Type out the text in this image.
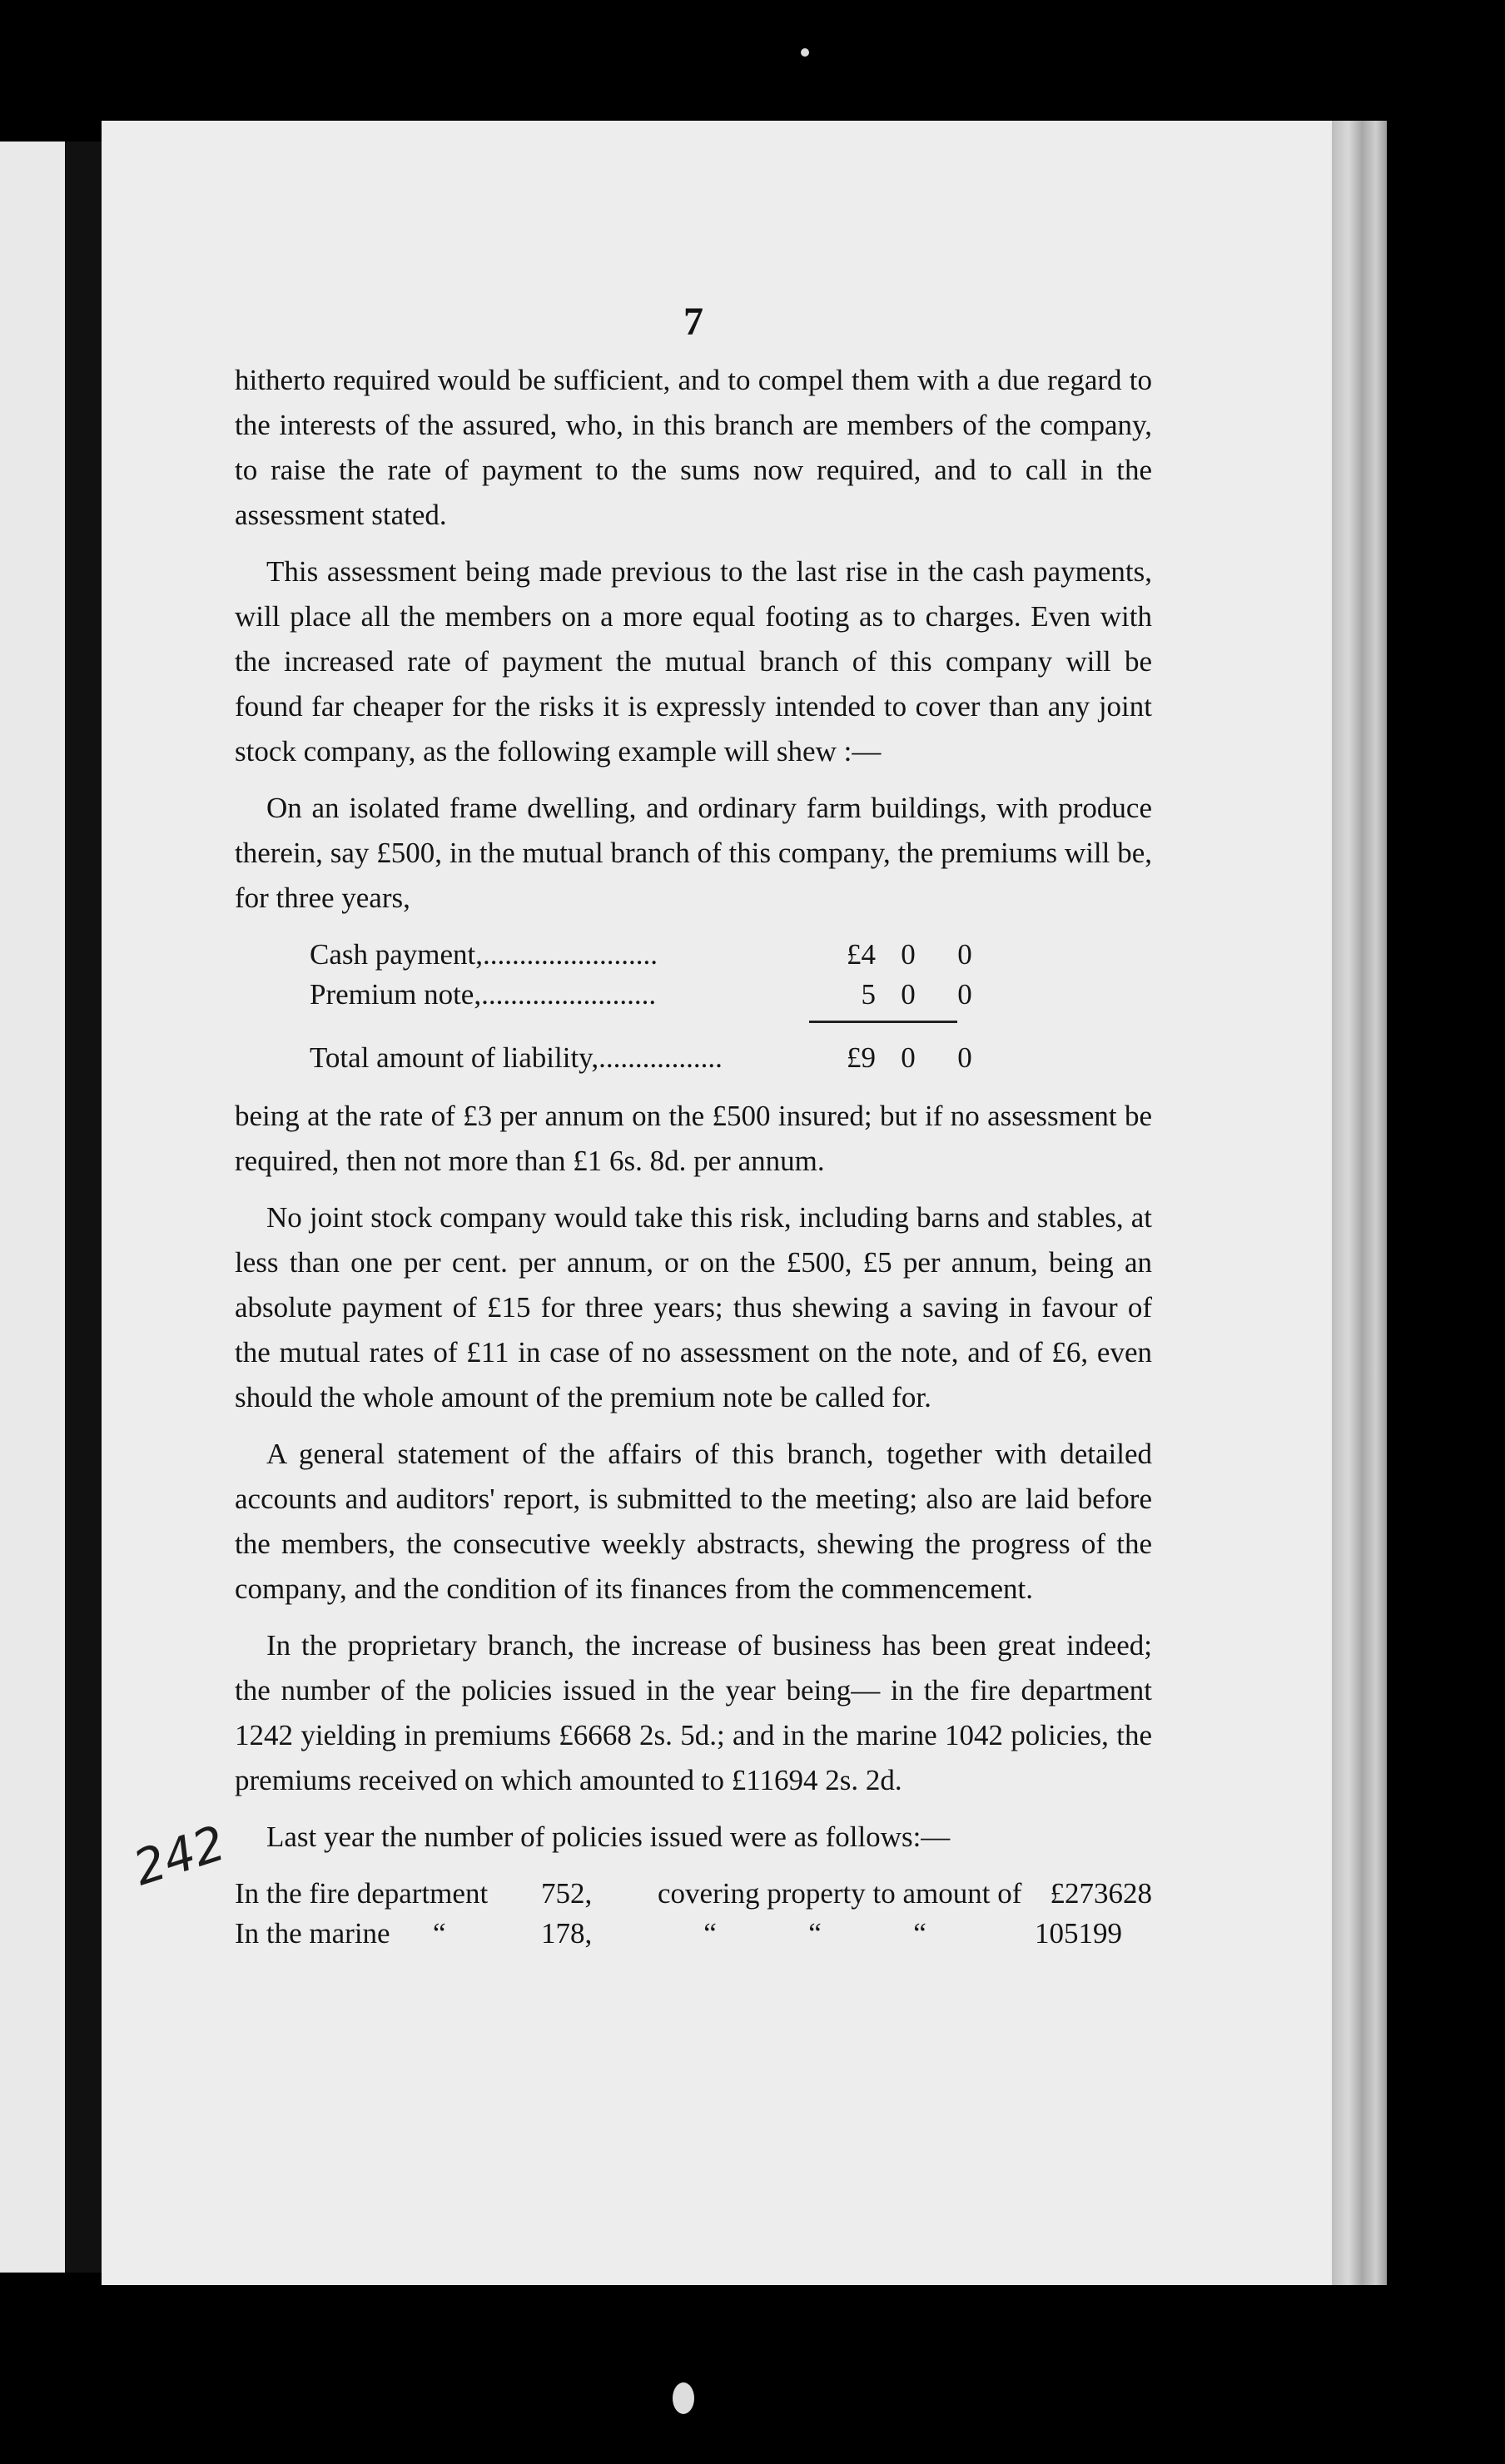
7

hitherto required would be sufficient, and to compel them with a due regard to the interests of the assured, who, in this branch are members of the company, to raise the rate of payment to the sums now required, and to call in the assessment stated.

This assessment being made previous to the last rise in the cash payments, will place all the members on a more equal footing as to charges. Even with the increased rate of payment the mutual branch of this company will be found far cheaper for the risks it is expressly intended to cover than any joint stock company, as the following example will shew :—

On an isolated frame dwelling, and ordinary farm buildings, with produce therein, say £500, in the mutual branch of this company, the premiums will be, for three years,

Cash payment,........................	£4 0	0
Premium note,........................	5 0	0
Total amount of liability,.................	£9 0	0

being at the rate of £3 per annum on the £500 insured; but if no assessment be required, then not more than £1 6s. 8d. per annum.

No joint stock company would take this risk, including barns and stables, at less than one per cent. per annum, or on the £500, £5 per annum, being an absolute payment of £15 for three years; thus shewing a saving in favour of the mutual rates of £11 in case of no assessment on the note, and of £6, even should the whole amount of the premium note be called for.

A general statement of the affairs of this branch, together with detailed accounts and auditors' report, is submitted to the meeting; also are laid before the members, the consecutive weekly abstracts, shewing the progress of the company, and the condition of its finances from the commencement.

In the proprietary branch, the increase of business has been great indeed; the number of the policies issued in the year being— in the fire department 1242 yielding in premiums £6668 2s. 5d.; and in the marine 1042 policies, the premiums received on which amounted to £11694 2s. 2d.

Last year the number of policies issued were as follows:—

In the fire department	752,	covering property to amount of £273628
In the marine	“	178,	“	“	“	105199
242
